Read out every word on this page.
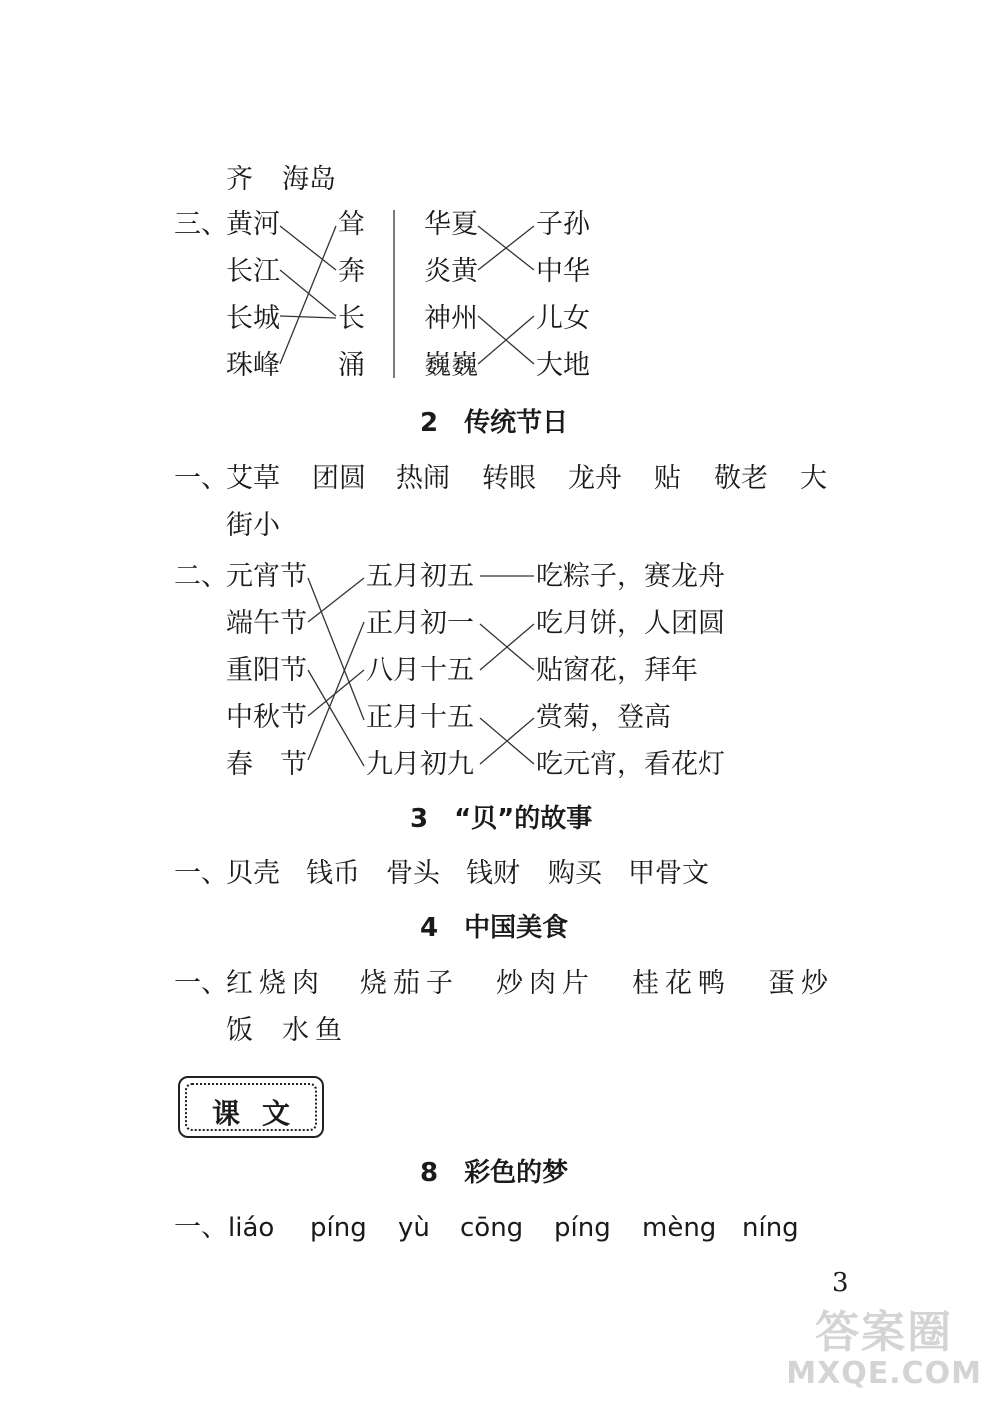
齐 海岛
三、
黄河
长江
长城
珠峰
耸
奔
长
涌
华夏
炎黄
神州
巍巍
子孙
中华
儿女
大地
2　传统节日
一、
艾草 团圆 热闹 转眼 龙舟 贴 敬老 大
街小
二、
元宵节
端午节
重阳节
中秋节
春　节
五月初五
正月初一
八月十五
正月十五
九月初九
吃粽子，赛龙舟
吃月饼，人团圆
贴窗花，拜年
赏菊，登高
吃元宵，看花灯
3　“贝”的故事
一、
贝壳 钱币 骨头 钱财 购买 甲骨文
4　中国美食
一、
红烧肉 烧茄子 炒肉片 桂花鸭 蛋炒
饭 水鱼
课文
8　彩色的梦
一、 liáo píng yù cōng píng mèng níng
3
答案圈
MXQE.COM
